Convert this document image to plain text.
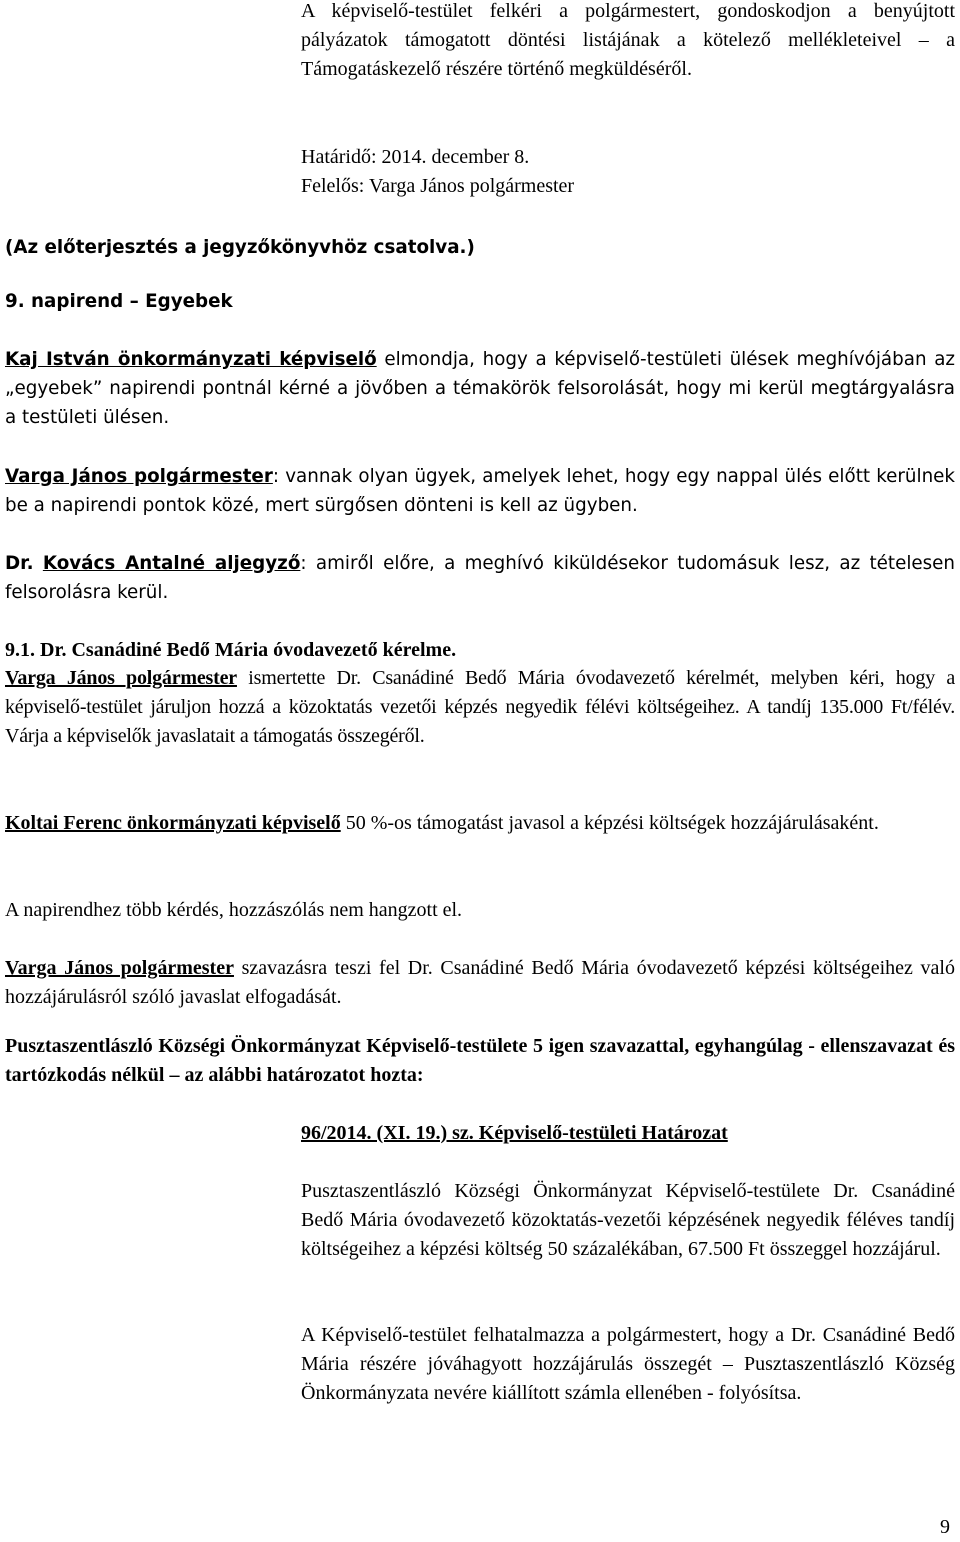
A képviselő-testület felkéri a polgármestert, gondoskodjon a benyújtott pályázatok támogatott döntési listájának a kötelező mellékleteivel – a Támogatáskezelő részére történő megküldéséről.

Határidő: 2014. december 8.

Felelős: Varga János polgármester

(Az előterjesztés a jegyzőkönyvhöz csatolva.)

9. napirend – Egyebek

Kaj István önkormányzati képviselő elmondja, hogy a képviselő-testületi ülések meghívójában az „egyebek” napirendi pontnál kérné a jövőben a témakörök felsorolását, hogy mi kerül megtárgyalásra a testületi ülésen.

Varga János polgármester: vannak olyan ügyek, amelyek lehet, hogy egy nappal ülés előtt kerülnek be a napirendi pontok közé, mert sürgősen dönteni is kell az ügyben.

Dr. Kovács Antalné aljegyző: amiről előre, a meghívó kiküldésekor tudomásuk lesz, az tételesen felsorolásra kerül.

9.1. Dr. Csanádiné Bedő Mária óvodavezető kérelme.

Varga János polgármester ismertette Dr. Csanádiné Bedő Mária óvodavezető kérelmét, melyben kéri, hogy a képviselő-testület járuljon hozzá a közoktatás vezetői képzés negyedik félévi költségeihez. A tandíj 135.000 Ft/félév. Várja a képviselők javaslatait a támogatás összegéről.

Koltai Ferenc önkormányzati képviselő 50 %-os támogatást javasol a képzési költségek hozzájárulásaként.

A napirendhez több kérdés, hozzászólás nem hangzott el.

Varga János polgármester szavazásra teszi fel Dr. Csanádiné Bedő Mária óvodavezető képzési költségeihez való hozzájárulásról szóló javaslat elfogadását.

Pusztaszentlászló Községi Önkormányzat Képviselő-testülete 5 igen szavazattal, egyhangúlag - ellenszavazat és tartózkodás nélkül – az alábbi határozatot hozta:

96/2014. (XI. 19.) sz. Képviselő-testületi Határozat

Pusztaszentlászló Községi Önkormányzat Képviselő-testülete Dr. Csanádiné Bedő Mária óvodavezető közoktatás-vezetői képzésének negyedik féléves tandíj költségeihez a képzési költség 50 százalékában, 67.500 Ft összeggel hozzájárul.

A Képviselő-testület felhatalmazza a polgármestert, hogy a Dr. Csanádiné Bedő Mária részére jóváhagyott hozzájárulás összegét – Pusztaszentlászló Község Önkormányzata nevére kiállított számla ellenében - folyósítsa.

9
